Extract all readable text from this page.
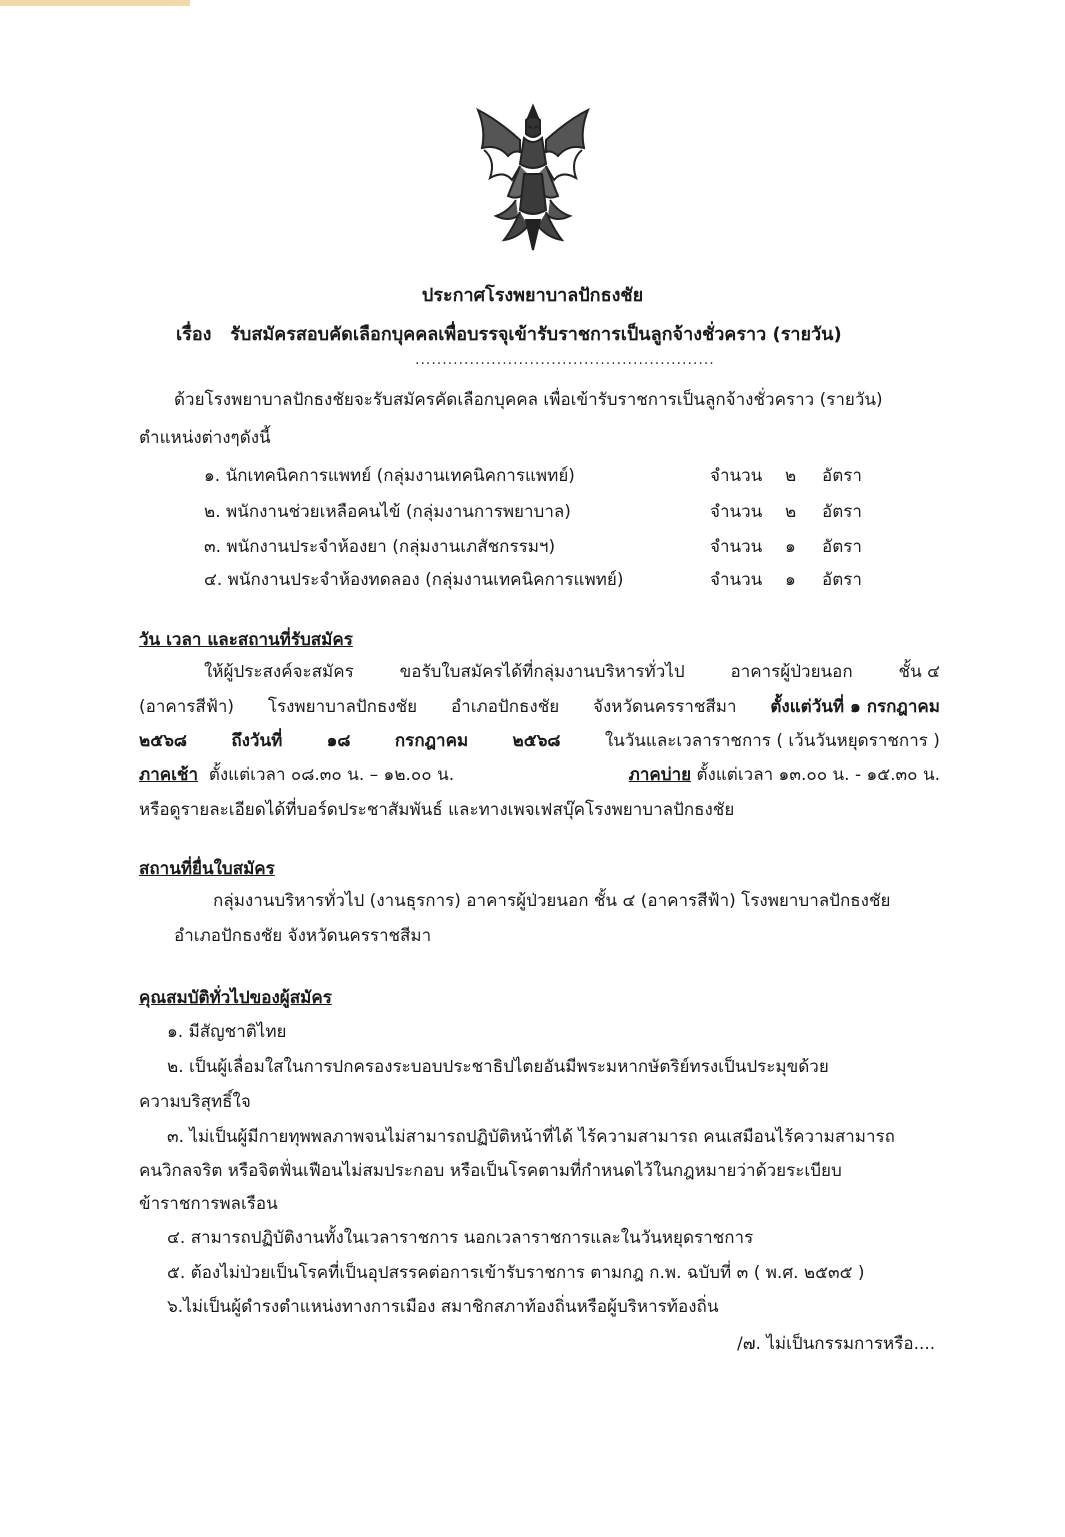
ประกาศโรงพยาบาลปักธงชัย
เรื่อง รับสมัครสอบคัดเลือกบุคคลเพื่อบรรจุเข้ารับราชการเป็นลูกจ้างชั่วคราว (รายวัน)
.......................................................
ด้วยโรงพยาบาลปักธงชัยจะรับสมัครคัดเลือกบุคคล เพื่อเข้ารับราชการเป็นลูกจ้างชั่วคราว (รายวัน)
ตำแหน่งต่างๆดังนี้
๑. นักเทคนิคการแพทย์ (กลุ่มงานเทคนิคการแพทย์)	จำนวน ๒ อัตรา
๒. พนักงานช่วยเหลือคนไข้ (กลุ่มงานการพยาบาล)	จำนวน ๒ อัตรา
๓. พนักงานประจำห้องยา (กลุ่มงานเภสัชกรรมฯ)	จำนวน ๑ อัตรา
๔. พนักงานประจำห้องทดลอง (กลุ่มงานเทคนิคการแพทย์)	จำนวน ๑ อัตรา
วัน เวลา และสถานที่รับสมัคร
ให้ผู้ประสงค์จะสมัคร	ขอรับใบสมัครได้ที่กลุ่มงานบริหารทั่วไป	อาคารผู้ป่วยนอก	ชั้น ๔
(อาคารสีฟ้า) โรงพยาบาลปักธงชัย อำเภอปักธงชัย จังหวัดนครราชสีมา ตั้งแต่วันที่ ๑ กรกฎาคม
๒๕๖๘	ถึงวันที่	๑๘	กรกฎาคม	๒๕๖๘	ในวันและเวลาราชการ ( เว้นวันหยุดราชการ )
ภาคเช้า ตั้งแต่เวลา ๐๘.๓๐ น. – ๑๒.๐๐ น.	ภาคบ่าย ตั้งแต่เวลา ๑๓.๐๐ น. - ๑๕.๓๐ น.
หรือดูรายละเอียดได้ที่บอร์ดประชาสัมพันธ์ และทางเพจเฟสบุ๊คโรงพยาบาลปักธงชัย
สถานที่ยื่นใบสมัคร
กลุ่มงานบริหารทั่วไป (งานธุรการ) อาคารผู้ป่วยนอก ชั้น ๔ (อาคารสีฟ้า) โรงพยาบาลปักธงชัย
อำเภอปักธงชัย จังหวัดนครราชสีมา
คุณสมบัติทั่วไปของผู้สมัคร
๑. มีสัญชาติไทย
๒. เป็นผู้เลื่อมใสในการปกครองระบอบประชาธิปไตยอันมีพระมหากษัตริย์ทรงเป็นประมุขด้วย
ความบริสุทธิ์ใจ
๓. ไม่เป็นผู้มีกายทุพพลภาพจนไม่สามารถปฏิบัติหน้าที่ได้ ไร้ความสามารถ คนเสมือนไร้ความสามารถ
คนวิกลจริต หรือจิตฟั่นเฟือนไม่สมประกอบ หรือเป็นโรคตามที่กำหนดไว้ในกฎหมายว่าด้วยระเบียบ
ข้าราชการพลเรือน
๔. สามารถปฏิบัติงานทั้งในเวลาราชการ นอกเวลาราชการและในวันหยุดราชการ
๕. ต้องไม่ป่วยเป็นโรคที่เป็นอุปสรรคต่อการเข้ารับราชการ ตามกฎ ก.พ. ฉบับที่ ๓ ( พ.ศ. ๒๕๓๕ )
๖.ไม่เป็นผู้ดำรงตำแหน่งทางการเมือง สมาชิกสภาท้องถิ่นหรือผู้บริหารท้องถิ่น
/๗. ไม่เป็นกรรมการหรือ....
